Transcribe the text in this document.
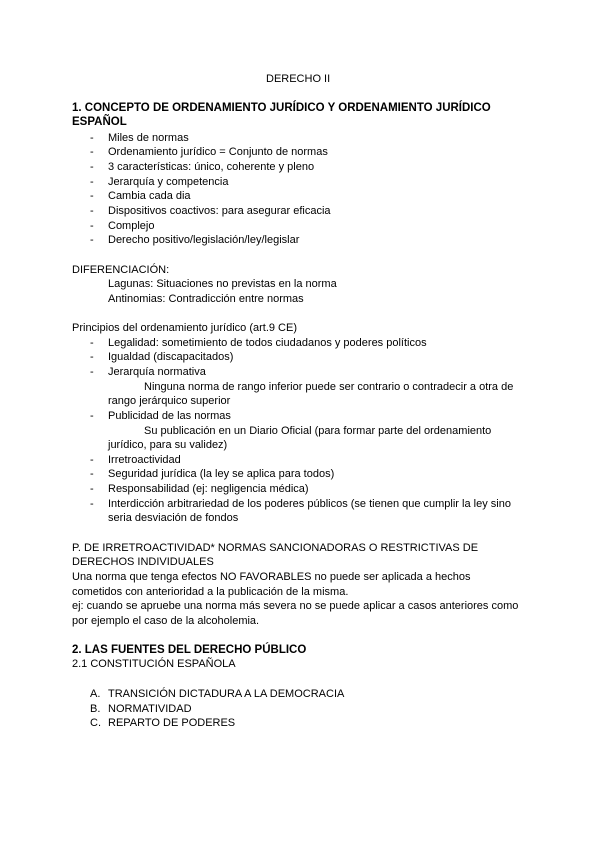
DERECHO II
1. CONCEPTO DE ORDENAMIENTO JURÍDICO Y ORDENAMIENTO JURÍDICO
ESPAÑOL
- Miles de normas
- Ordenamiento jurídico = Conjunto de normas
- 3 características: único, coherente y pleno
- Jerarquía y competencia
- Cambia cada dia
- Dispositivos coactivos: para asegurar eficacia
- Complejo
- Derecho positivo/legislación/ley/legislar
DIFERENCIACIÓN:
Lagunas: Situaciones no previstas en la norma
Antinomias: Contradicción entre normas
Principios del ordenamiento jurídico (art.9 CE)
- Legalidad: sometimiento de todos ciudadanos y poderes políticos
- Igualdad (discapacitados)
- Jerarquía normativa
Ninguna norma de rango inferior puede ser contrario o contradecir a otra de
rango jerárquico superior
- Publicidad de las normas
Su publicación en un Diario Oficial (para formar parte del ordenamiento
jurídico, para su validez)
- Irretroactividad
- Seguridad jurídica (la ley se aplica para todos)
- Responsabilidad (ej: negligencia médica)
- Interdicción arbitrariedad de los poderes públicos (se tienen que cumplir la ley sino
seria desviación de fondos
P. DE IRRETROACTIVIDAD* NORMAS SANCIONADORAS O RESTRICTIVAS DE
DERECHOS INDIVIDUALES
Una norma que tenga efectos NO FAVORABLES no puede ser aplicada a hechos
cometidos con anterioridad a la publicación de la misma.
ej: cuando se apruebe una norma más severa no se puede aplicar a casos anteriores como
por ejemplo el caso de la alcoholemia.
2. LAS FUENTES DEL DERECHO PÚBLICO
2.1 CONSTITUCIÓN ESPAÑOLA
A. TRANSICIÓN DICTADURA A LA DEMOCRACIA
B. NORMATIVIDAD
C. REPARTO DE PODERES
